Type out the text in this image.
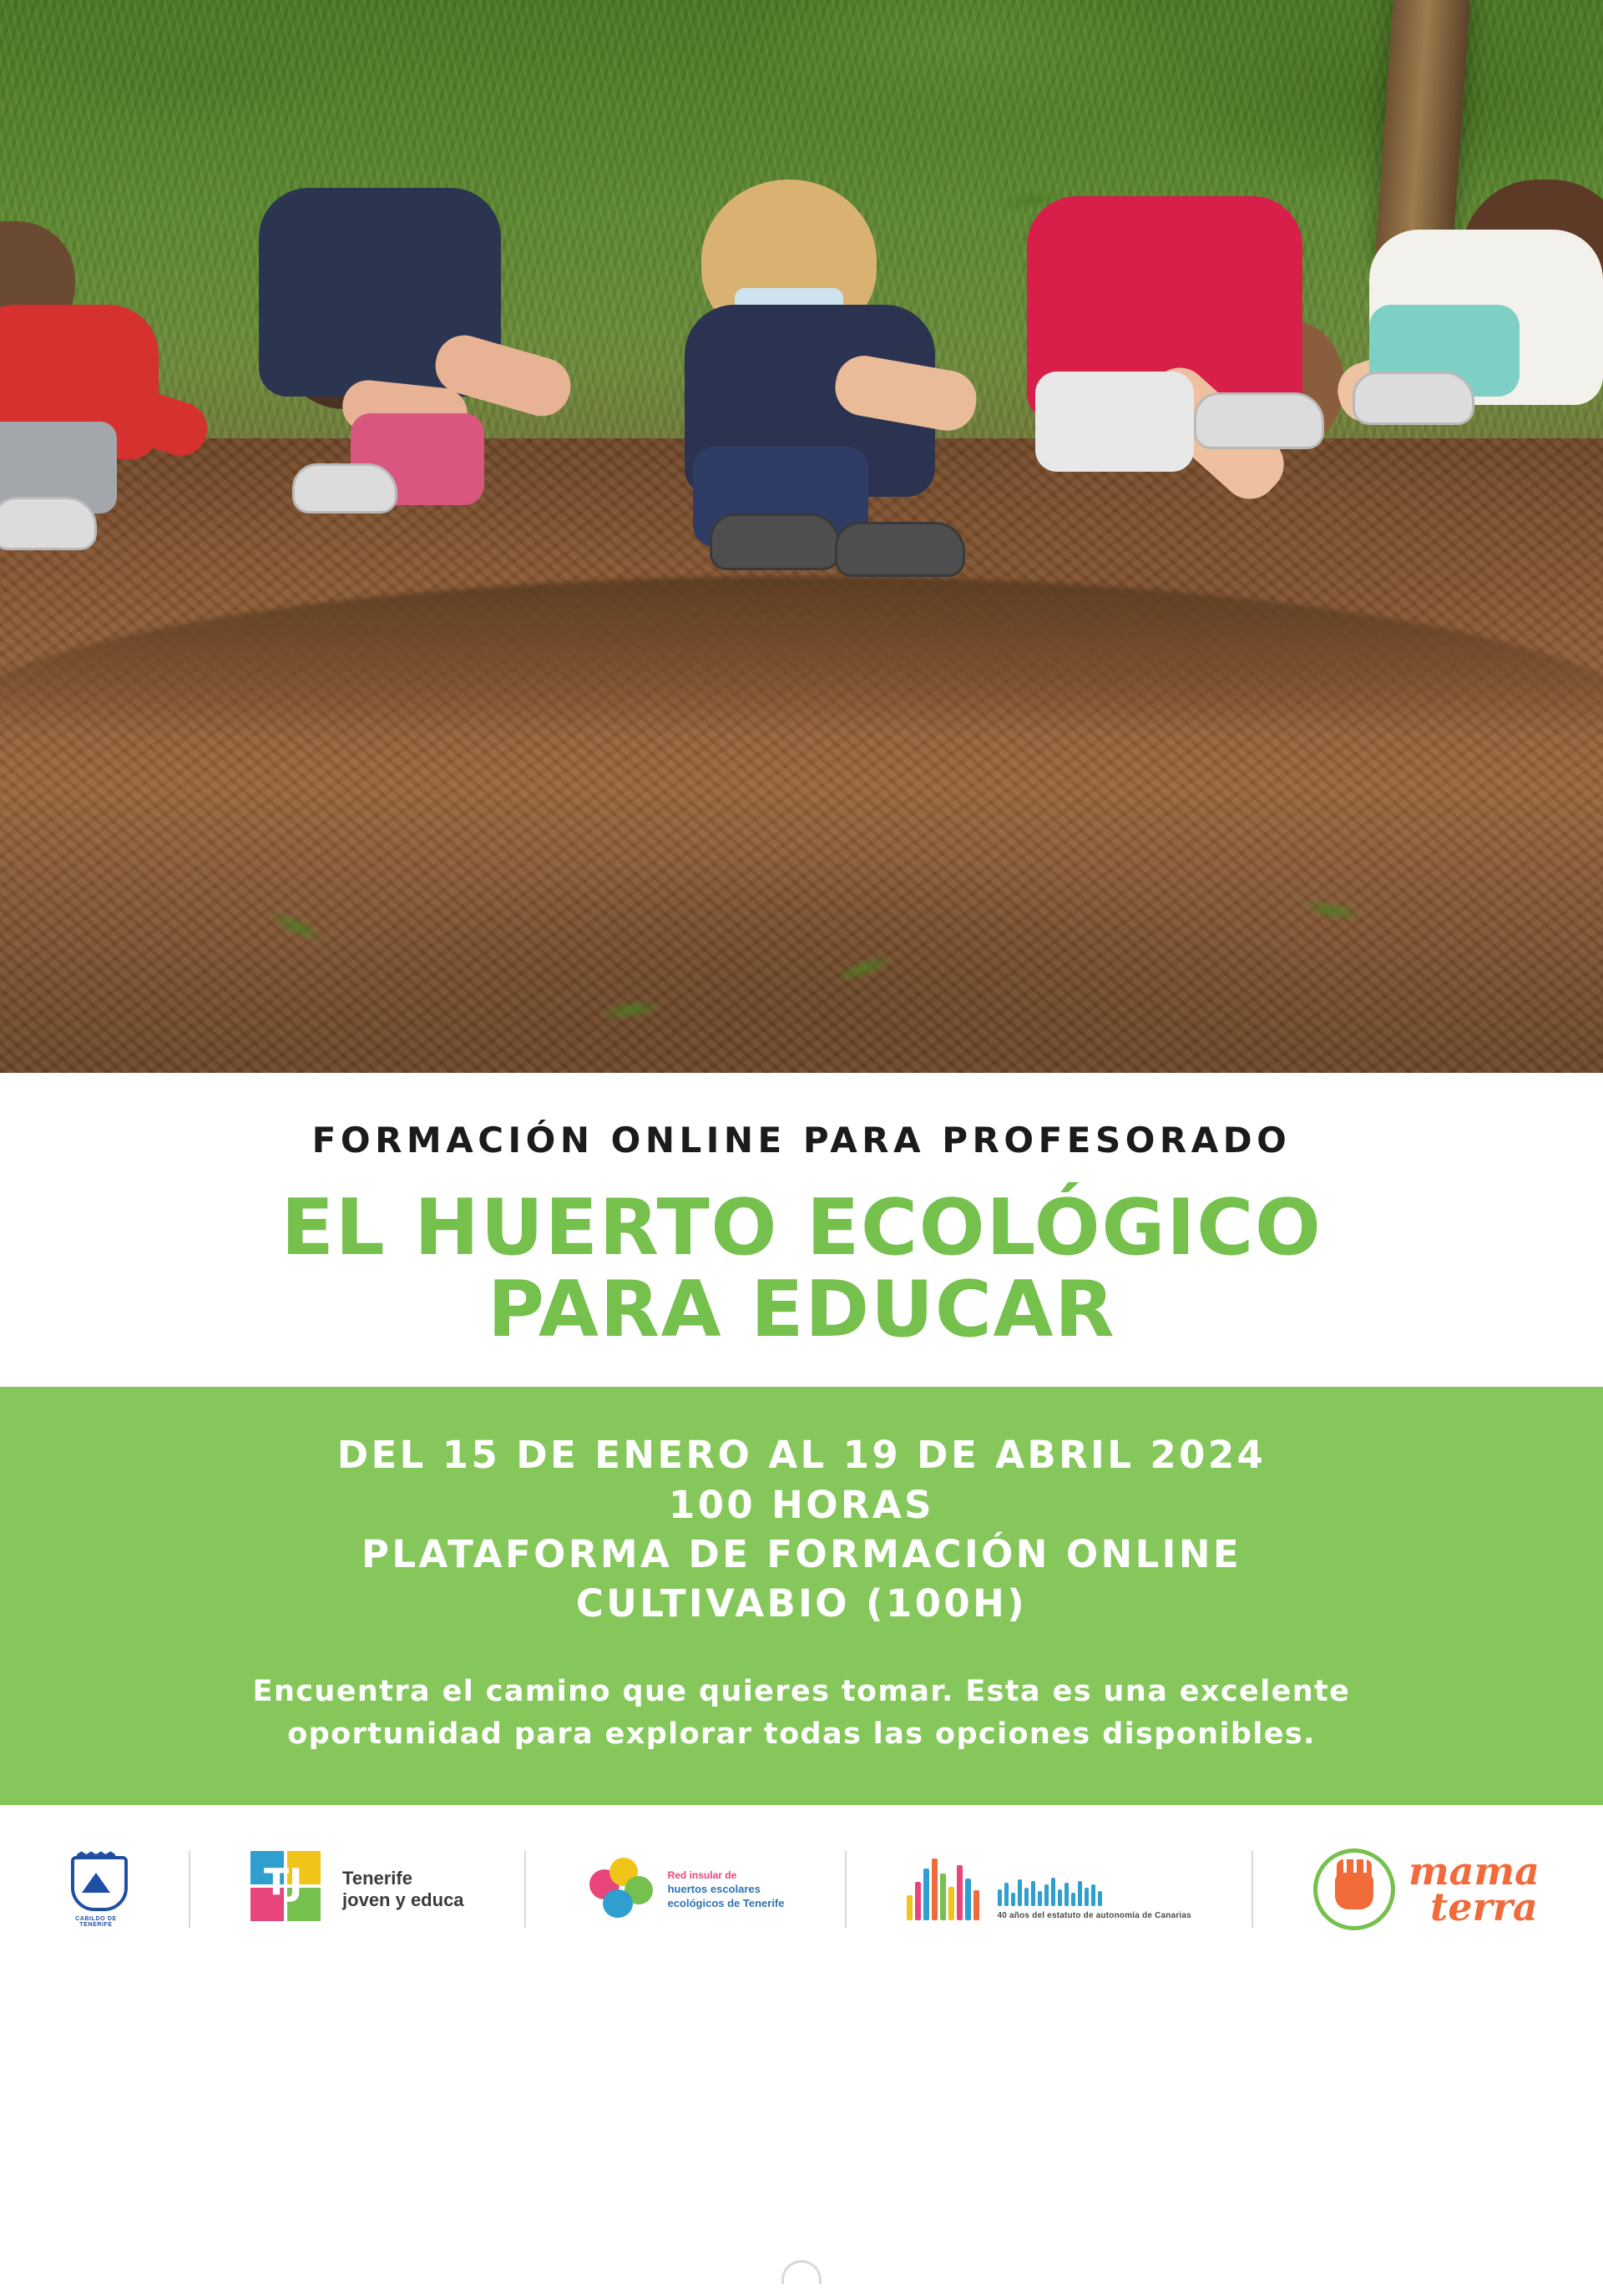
FORMACIÓN ONLINE PARA PROFESORADO
EL HUERTO ECOLÓGICO
PARA EDUCAR
DEL 15 DE ENERO AL 19 DE ABRIL 2024
100 HORAS
PLATAFORMA DE FORMACIÓN ONLINE
CULTIVABIO (100H)
Encuentra el camino que quieres tomar. Esta es una excelente
oportunidad para explorar todas las opciones disponibles.
CABILDO DE TENERIFE
TJ	Tenerife
joven y educa
Red insular de
huertos escolares
ecológicos de Tenerife
40 años del estatuto de autonomía de Canarias
mama
terra
